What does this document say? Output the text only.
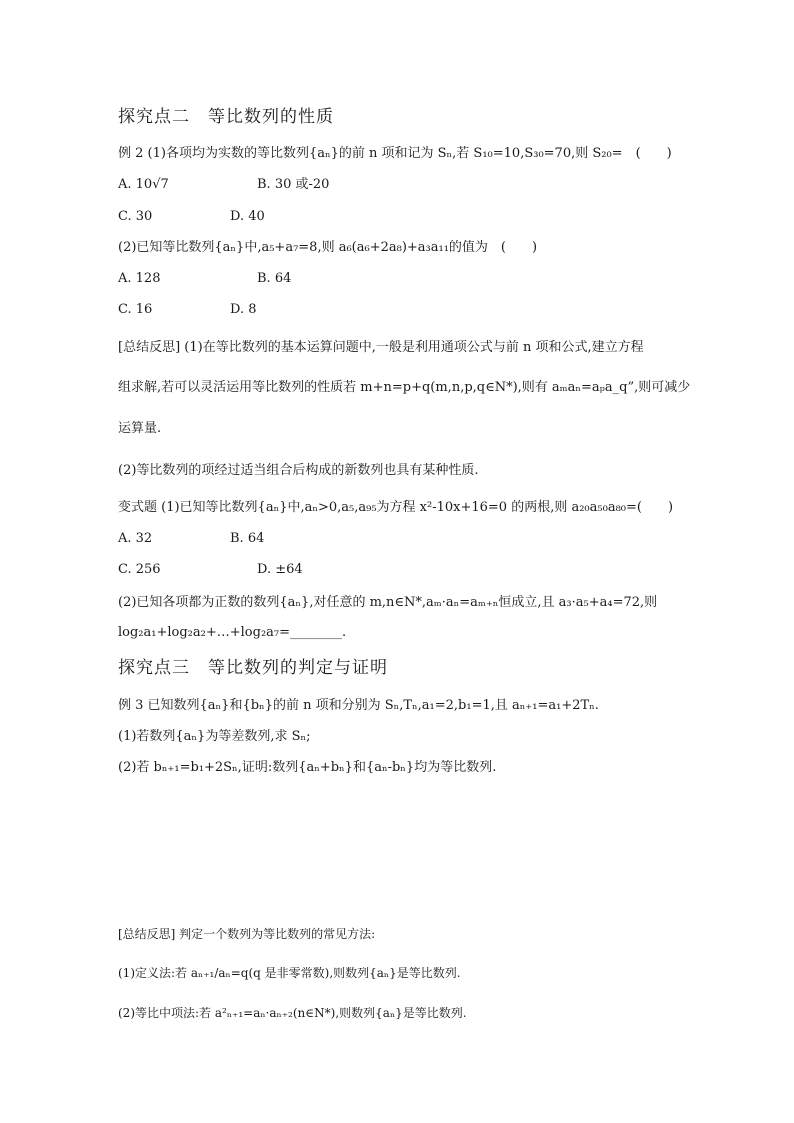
探究点二　等比数列的性质
例 2 (1)各项均为实数的等比数列{aₙ}的前 n 项和记为 Sₙ,若 S₁₀=10,S₃₀=70,则 S₂₀=　(　　)
A. 10√7	B. 30 或-20
C. 30	D. 40
(2)已知等比数列{aₙ}中,a₅+a₇=8,则 a₆(a₆+2a₈)+a₃a₁₁的值为　(　　)
A. 128	B. 64
C. 16	D. 8
[总结反思] (1)在等比数列的基本运算问题中,一般是利用通项公式与前 n 项和公式,建立方程
组求解,若可以灵活运用等比数列的性质若 m+n=p+q(m,n,p,q∈N*),则有 aₘaₙ=aₚa_q”,则可减少
运算量.
(2)等比数列的项经过适当组合后构成的新数列也具有某种性质.
变式题 (1)已知等比数列{aₙ}中,aₙ>0,a₅,a₉₅为方程 x²-10x+16=0 的两根,则 a₂₀a₅₀a₈₀=(　　)
A. 32	B. 64
C. 256	D. ±64
(2)已知各项都为正数的数列{aₙ},对任意的 m,n∈N*,aₘ·aₙ=aₘ₊ₙ恒成立,且 a₃·a₅+a₄=72,则
log₂a₁+log₂a₂+…+log₂a₇=________.
探究点三　等比数列的判定与证明
例 3 已知数列{aₙ}和{bₙ}的前 n 项和分别为 Sₙ,Tₙ,a₁=2,b₁=1,且 aₙ₊₁=a₁+2Tₙ.
(1)若数列{aₙ}为等差数列,求 Sₙ;
(2)若 bₙ₊₁=b₁+2Sₙ,证明:数列{aₙ+bₙ}和{aₙ-bₙ}均为等比数列.
[总结反思] 判定一个数列为等比数列的常见方法:
(1)定义法:若 aₙ₊₁/aₙ=q(q 是非零常数),则数列{aₙ}是等比数列.
(2)等比中项法:若 a²ₙ₊₁=aₙ·aₙ₊₂(n∈N*),则数列{aₙ}是等比数列.
